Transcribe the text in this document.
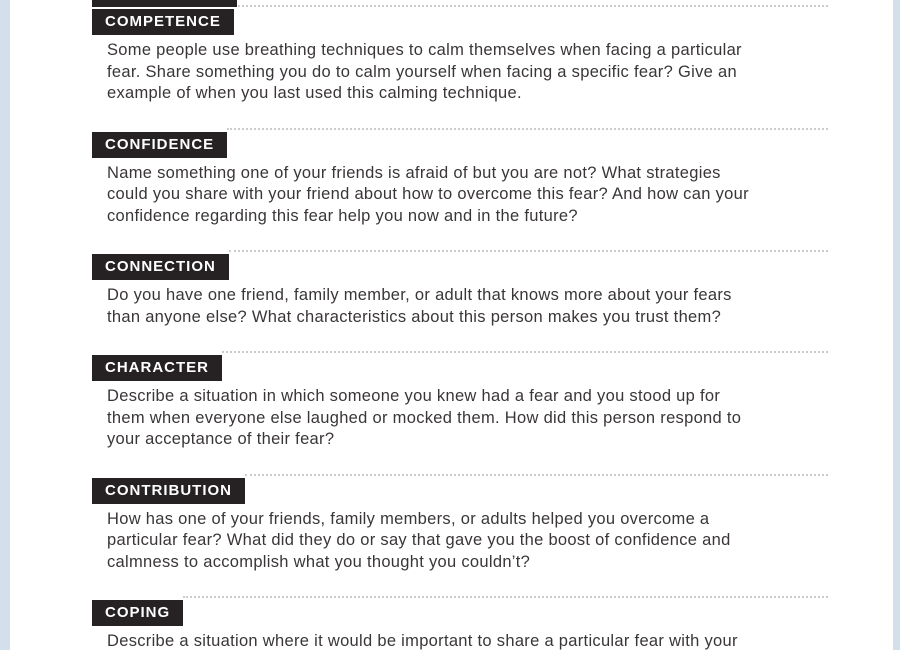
COMPETENCE
Some people use breathing techniques to calm themselves when facing a particular
fear. Share something you do to calm yourself when facing a specific fear? Give an
example of when you last used this calming technique.
CONFIDENCE
Name something one of your friends is afraid of but you are not? What strategies
could you share with your friend about how to overcome this fear? And how can your
confidence regarding this fear help you now and in the future?
CONNECTION
Do you have one friend, family member, or adult that knows more about your fears
than anyone else? What characteristics about this person makes you trust them?
CHARACTER
Describe a situation in which someone you knew had a fear and you stood up for
them when everyone else laughed or mocked them. How did this person respond to
your acceptance of their fear?
CONTRIBUTION
How has one of your friends, family members, or adults helped you overcome a
particular fear? What did they do or say that gave you the boost of confidence and
calmness to accomplish what you thought you couldn’t?
COPING
Describe a situation where it would be important to share a particular fear with your
